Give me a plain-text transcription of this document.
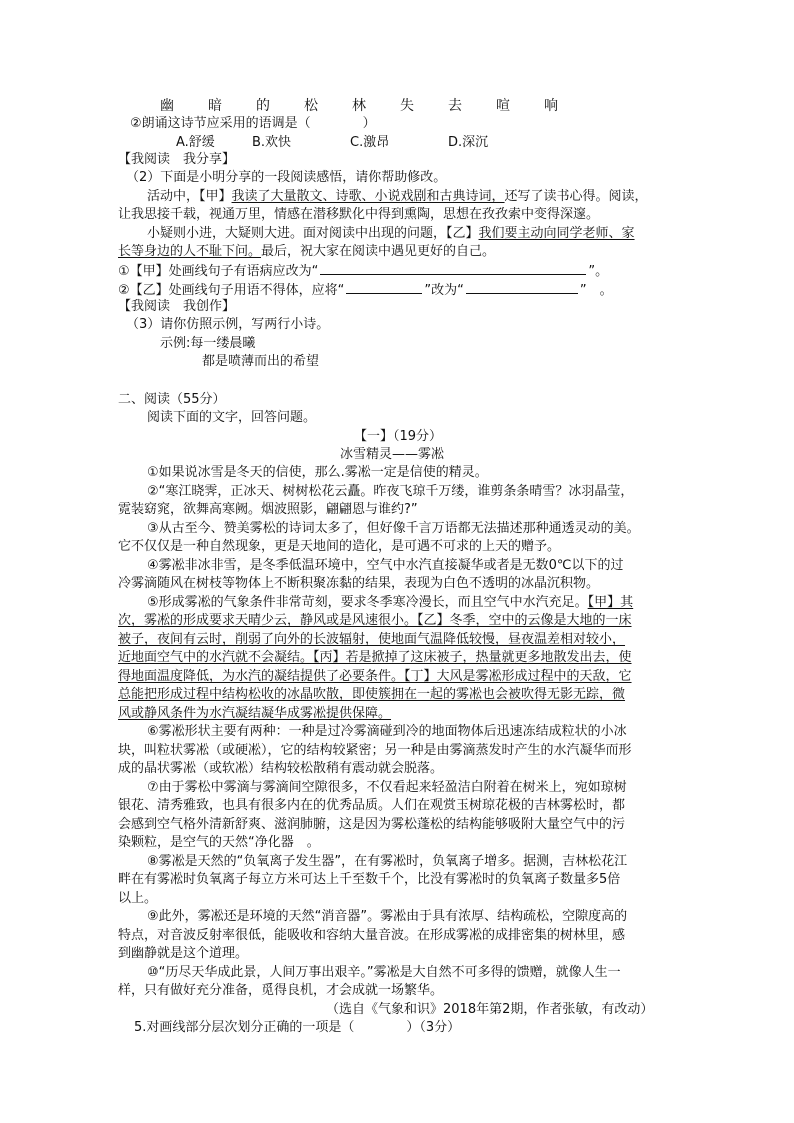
幽 暗 的 松 林 失 去 喧 响
②朗诵这诗节应采用的语调是（　　　　）
A.舒缓	B.欢快	C.激昂	D.深沉
【我阅读　我分享】
（2）下面是小明分享的一段阅读感悟，请你帮助修改。
活动中，【甲】我读了大量散文、诗歌、小说戏剧和古典诗词，还写了读书心得。阅读，
让我思接千载，视通万里，情感在潜移默化中得到熏陶，思想在孜孜索中变得深邃。
小疑则小进，大疑则大进。面对阅读中出现的问题，【乙】我们要主动向同学老师、家
长等身边的人不耻下问。最后，祝大家在阅读中遇见更好的自己。
①【甲】处画线句子有语病应改为“	”。
②【乙】处画线句子用语不得体，应将“	”改为“	”　。
【我阅读　我创作】
（3）请你仿照示例，写两行小诗。
示例:每一缕晨曦
都是喷薄而出的希望
二、阅读（55分）
阅读下面的文字，回答问题。
【一】（19分）
冰雪精灵——雾凇
①如果说冰雪是冬天的信使，那么.雾凇一定是信使的精灵。
②“寒江晓霁，正冰天、树树松花云矗。昨夜飞琼千万缕，谁剪条条晴雪？冰羽晶莹，
霓装窈窕，欲舞高寒阙。烟波照影，翩翩恩与谁约?”
③从古至今、赞美雾松的诗词太多了，但好像千言万语都无法描述那种通透灵动的美。
它不仅仅是一种自然现象，更是天地间的造化，是可遇不可求的上天的赠予。
④雾凇非冰非雪，是冬季低温环境中，空气中水汽直接凝华或者是无数0℃以下的过
冷雾滴随风在树枝等物体上不断积聚冻黏的结果，表现为白色不透明的冰晶沉积物。
⑤形成雾凇的气象条件非常苛刻，要求冬季寒冷漫长，而且空气中水汽充足。【甲】其
次，雾凇的形成要求天晴少云，静风或是风速很小。【乙】冬季，空中的云像是大地的一床
被子，夜间有云时，削弱了向外的长波辐射，使地面气温降低较慢，昼夜温差相对较小，
近地面空气中的水汽就不会凝结。【丙】若是掀掉了这床被子，热量就更多地散发出去，使
得地面温度降低，为水汽的凝结提供了必要条件。【丁】大风是雾凇形成过程中的天敌，它
总能把形成过程中结构松收的冰晶吹散，即使簇拥在一起的雾凇也会被吹得无影无踪，微
风或静风条件为水汽凝结凝华成雾凇提供保障。
⑥雾凇形状主要有两种：一种是过冷雾滴碰到冷的地面物体后迅速冻结成粒状的小冰
块，叫粒状雾凇（或硬凇），它的结构较紧密；另一种是由雾滴蒸发时产生的水汽凝华而形
成的晶状雾凇（或软凇）结构较松散稍有震动就会脱落。
⑦由于雾松中雾滴与雾滴间空隙很多，不仅看起来轻盈洁白附着在树米上，宛如琼树
银花、清秀雅致，也具有很多内在的优秀品质。人们在观赏玉树琼花极的吉林雾松时，都
会感到空气格外清新舒爽、滋润肺腑，这是因为雾松蓬松的结构能够吸附大量空气中的污
染颗粒，是空气的天然“净化器　。
⑧雾凇是天然的“负氧离子发生器”，在有雾凇时，负氧离子增多。据测，吉林松花江
畔在有雾凇时负氧离子每立方米可达上千至数千个，比没有雾凇时的负氧离子数量多5倍
以上。
⑨此外，雾凇还是环境的天然“消音器”。雾凇由于具有浓厚、结构疏松，空隙度高的
特点，对音波反射率很低，能吸收和容纳大量音波。在形成雾凇的成排密集的树林里，感
到幽静就是这个道理。
⑩“历尽天华成此景，人间万事出艰辛。”雾凇是大自然不可多得的馈赠，就像人生一
样，只有做好充分准备，觅得良机，才会成就一场繁华。
（选自《气象和识》2018年第2期，作者张敏，有改动）
5.对画线部分层次划分正确的一项是（　　　　）（3分）
